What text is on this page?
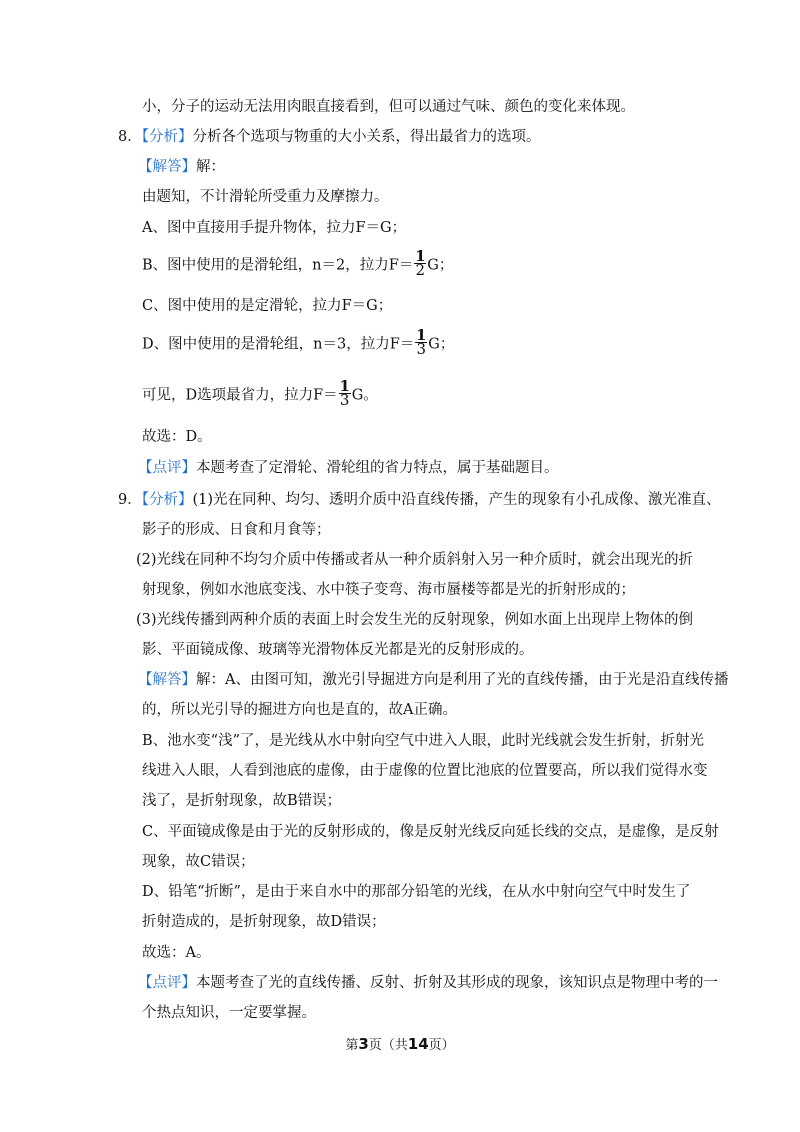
小，分子的运动无法用肉眼直接看到，但可以通过气味、颜色的变化来体现。
8．【分析】分析各个选项与物重的大小关系，得出最省力的选项。
【解答】解：
由题知，不计滑轮所受重力及摩擦力。
A、图中直接用手提升物体，拉力F＝G；
B、图中使用的是滑轮组，n＝2，拉力$F= \frac{1}{2}$ G；
C、图中使用的是定滑轮，拉力F＝G；
D、图中使用的是滑轮组，n＝3，拉力$F= \frac{1}{3}$ G；
可见，D选项最省力，拉力$F= \frac{1}{3}$ G。
故选：D。
【点评】本题考查了定滑轮、滑轮组的省力特点，属于基础题目。
9．【分析】(1)光在同种、均匀、透明介质中沿直线传播，产生的现象有小孔成像、激光准直、
影子的形成、日食和月食等；
(2)光线在同种不均匀介质中传播或者从一种介质斜射入另一种介质时，就会出现光的折
射现象，例如水池底变浅、水中筷子变弯、海市蜃楼等都是光的折射形成的；
(3)光线传播到两种介质的表面上时会发生光的反射现象，例如水面上出现岸上物体的倒
影、平面镜成像、玻璃等光滑物体反光都是光的反射形成的。
【解答】解：A、由图可知，激光引导掘进方向是利用了光的直线传播，由于光是沿直线传播
的，所以光引导的掘进方向也是直的，故A正确。
B、池水变“浅”了，是光线从水中射向空气中进入人眼，此时光线就会发生折射，折射光
线进入人眼，人看到池底的虚像，由于虚像的位置比池底的位置要高，所以我们觉得水变
浅了，是折射现象，故B错误；
C、平面镜成像是由于光的反射形成的，像是反射光线反向延长线的交点，是虚像，是反射
现象，故C错误；
D、铅笔“折断”，是由于来自水中的那部分铅笔的光线，在从水中射向空气中时发生了
折射造成的，是折射现象，故D错误；
故选：A。
【点评】本题考查了光的直线传播、反射、折射及其形成的现象，该知识点是物理中考的一
个热点知识，一定要掌握。
第3页（共14页）
